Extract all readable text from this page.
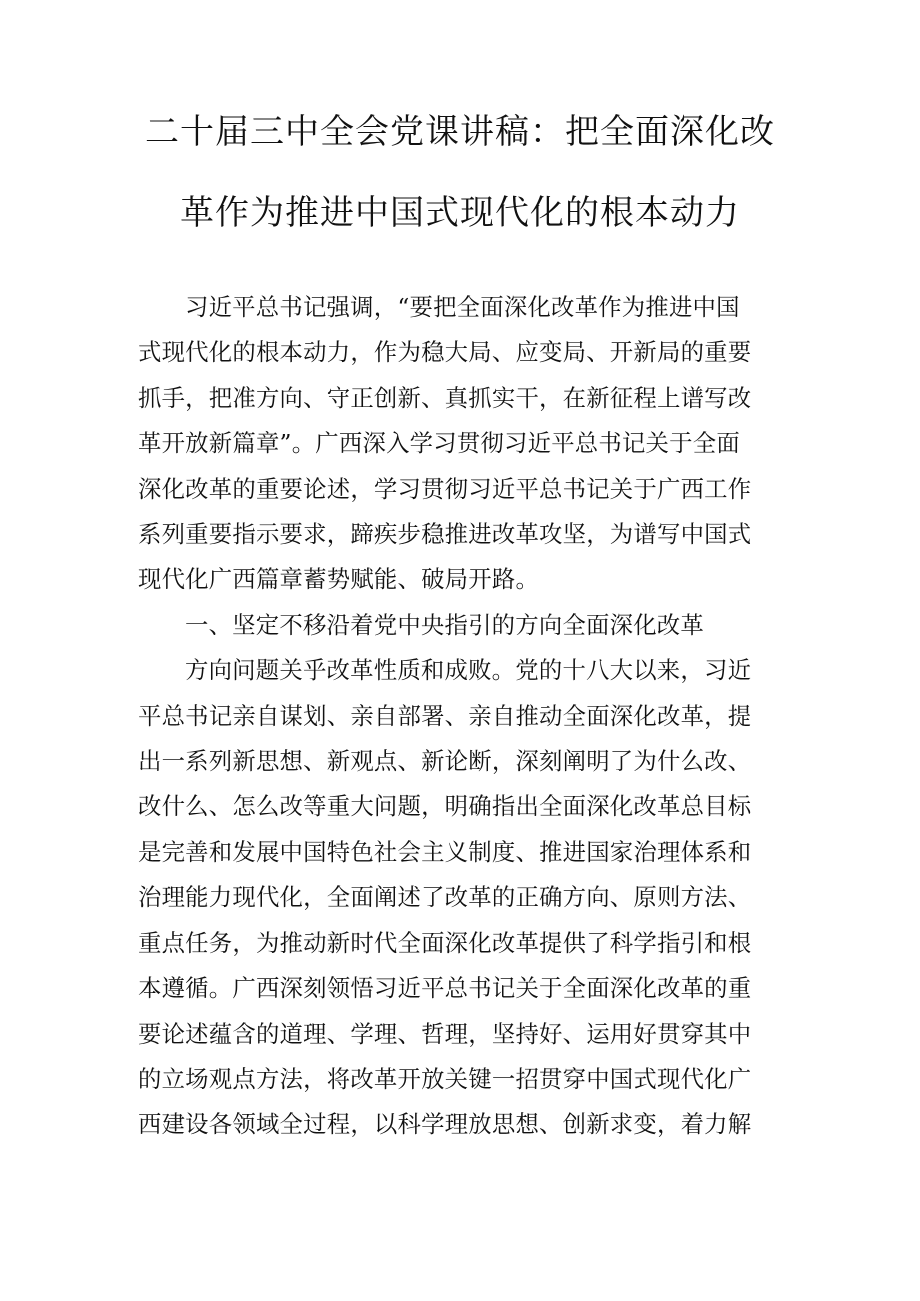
二十届三中全会党课讲稿：把全面深化改
革作为推进中国式现代化的根本动力
习近平总书记强调，“要把全面深化改革作为推进中国
式现代化的根本动力，作为稳大局、应变局、开新局的重要
抓手，把准方向、守正创新、真抓实干，在新征程上谱写改
革开放新篇章”。广西深入学习贯彻习近平总书记关于全面
深化改革的重要论述，学习贯彻习近平总书记关于广西工作
系列重要指示要求，蹄疾步稳推进改革攻坚，为谱写中国式
现代化广西篇章蓄势赋能、破局开路。
一、坚定不移沿着党中央指引的方向全面深化改革
方向问题关乎改革性质和成败。党的十八大以来，习近
平总书记亲自谋划、亲自部署、亲自推动全面深化改革，提
出一系列新思想、新观点、新论断，深刻阐明了为什么改、
改什么、怎么改等重大问题，明确指出全面深化改革总目标
是完善和发展中国特色社会主义制度、推进国家治理体系和
治理能力现代化，全面阐述了改革的正确方向、原则方法、
重点任务，为推动新时代全面深化改革提供了科学指引和根
本遵循。广西深刻领悟习近平总书记关于全面深化改革的重
要论述蕴含的道理、学理、哲理，坚持好、运用好贯穿其中
的立场观点方法，将改革开放关键一招贯穿中国式现代化广
西建设各领域全过程，以科学理放思想、创新求变，着力解
